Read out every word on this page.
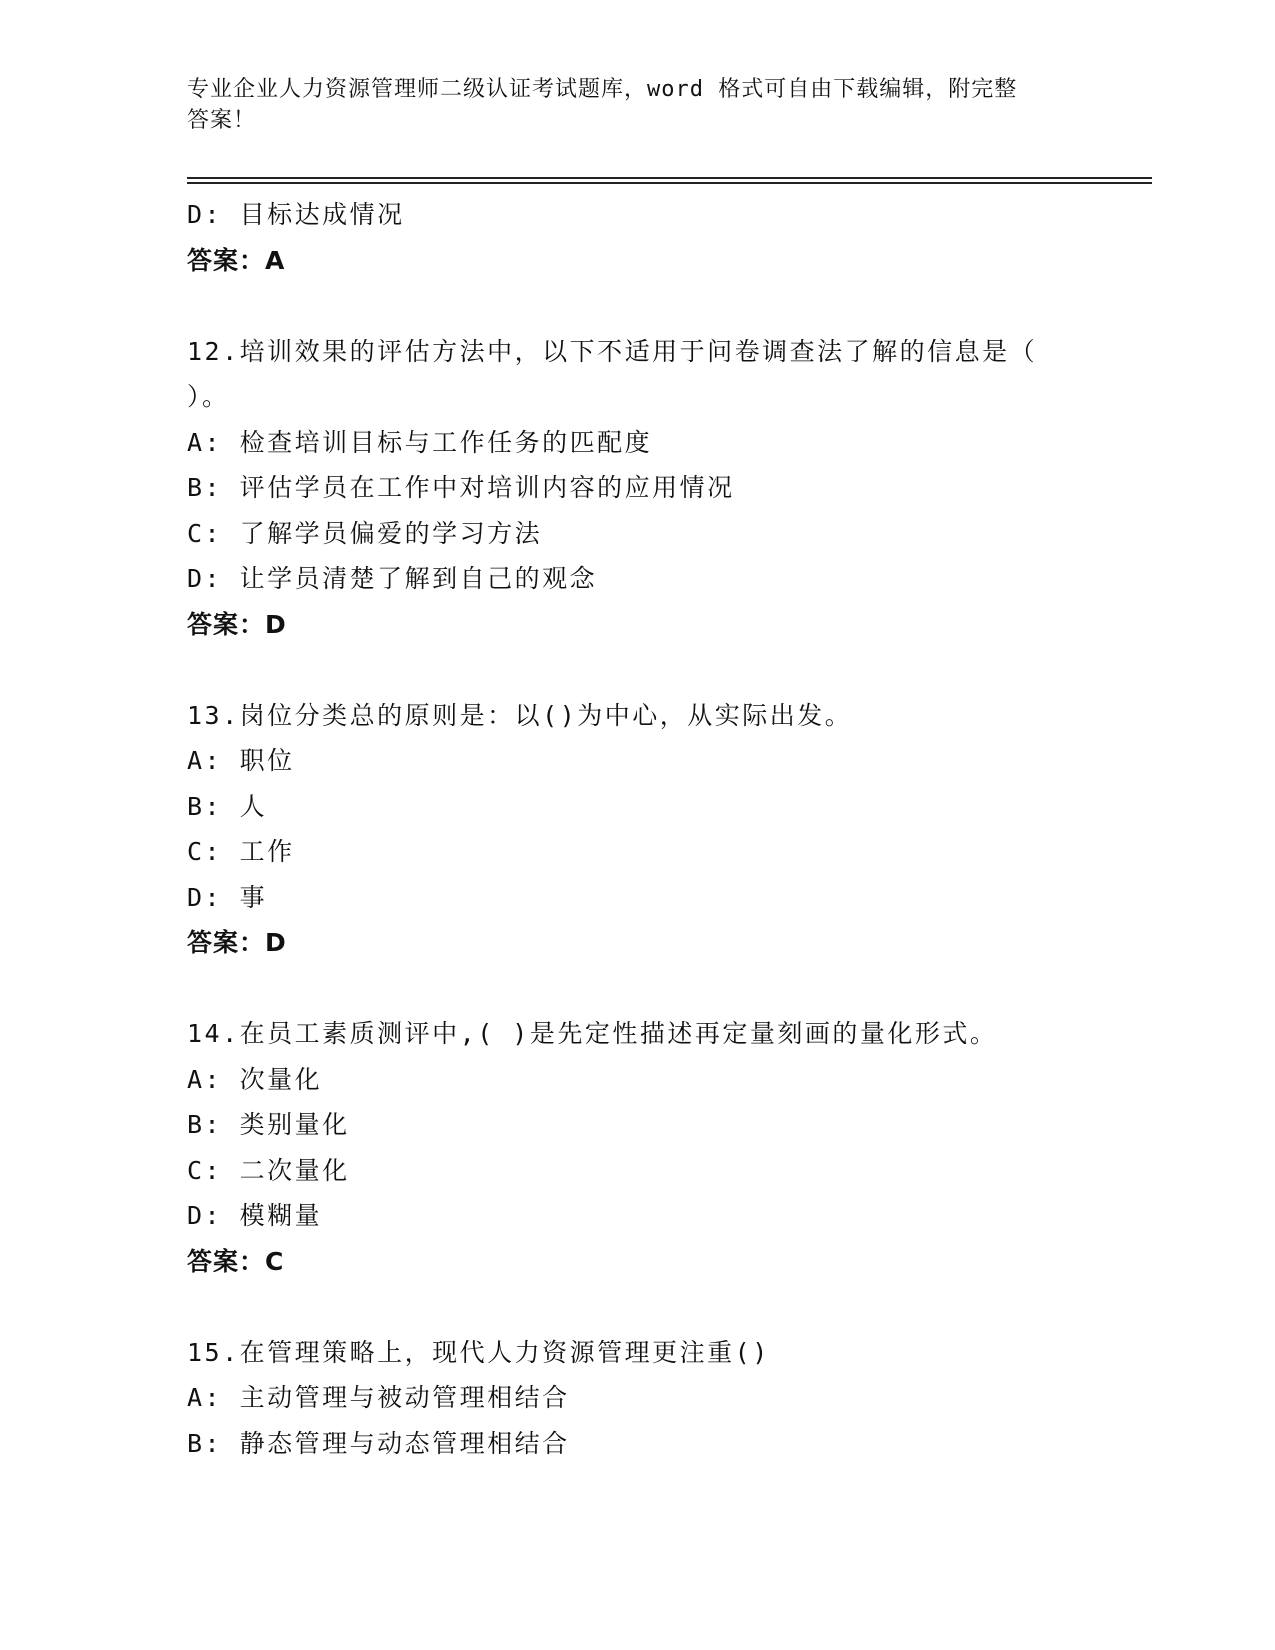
专业企业人力资源管理师二级认证考试题库，word 格式可自由下载编辑，附完整
答案！
D: 目标达成情况
答案：A
12.培训效果的评估方法中，以下不适用于问卷调查法了解的信息是（
）。
A: 检查培训目标与工作任务的匹配度
B: 评估学员在工作中对培训内容的应用情况
C: 了解学员偏爱的学习方法
D: 让学员清楚了解到自己的观念
答案：D
13.岗位分类总的原则是：以()为中心，从实际出发。
A: 职位
B: 人
C: 工作
D: 事
答案：D
14.在员工素质测评中,( )是先定性描述再定量刻画的量化形式。
A: 次量化
B: 类别量化
C: 二次量化
D: 模糊量
答案：C
15.在管理策略上，现代人力资源管理更注重()
A: 主动管理与被动管理相结合
B: 静态管理与动态管理相结合
